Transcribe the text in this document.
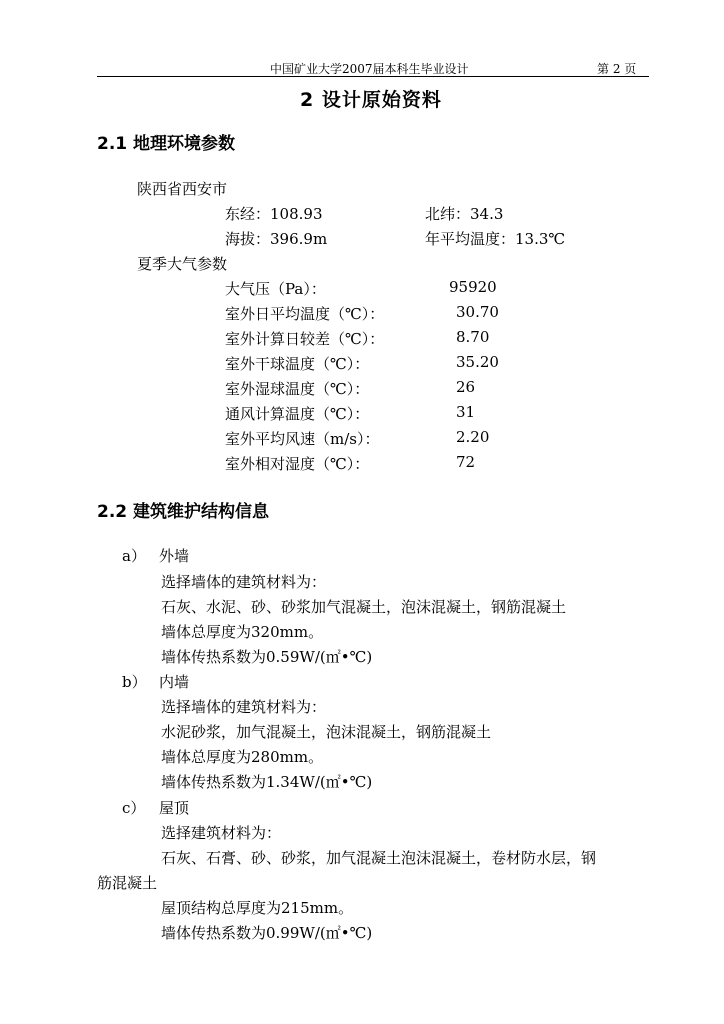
中国矿业大学2007届本科生毕业设计	第 2 页
2 设计原始资料
2.1 地理环境参数
陕西省西安市
东经：108.93	北纬：34.3
海拔：396.9m	年平均温度：13.3℃
夏季大气参数
大气压（Pa）：	95920
室外日平均温度（℃）：	30.70
室外计算日较差（℃）：	8.70
室外干球温度（℃）：	35.20
室外湿球温度（℃）：	26
通风计算温度（℃）：	31
室外平均风速（m/s）：	2.20
室外相对湿度（℃）：	72
2.2 建筑维护结构信息
a） 外墙
选择墙体的建筑材料为：
石灰、水泥、砂、砂浆加气混凝土，泡沫混凝土，钢筋混凝土
墙体总厚度为320mm。
墙体传热系数为0.59W/(㎡•℃)
b） 内墙
选择墙体的建筑材料为：
水泥砂浆，加气混凝土，泡沫混凝土，钢筋混凝土
墙体总厚度为280mm。
墙体传热系数为1.34W/(㎡•℃)
c） 屋顶
选择建筑材料为：
石灰、石膏、砂、砂浆，加气混凝土泡沫混凝土，卷材防水层，钢
筋混凝土
屋顶结构总厚度为215mm。
墙体传热系数为0.99W/(㎡•℃)
